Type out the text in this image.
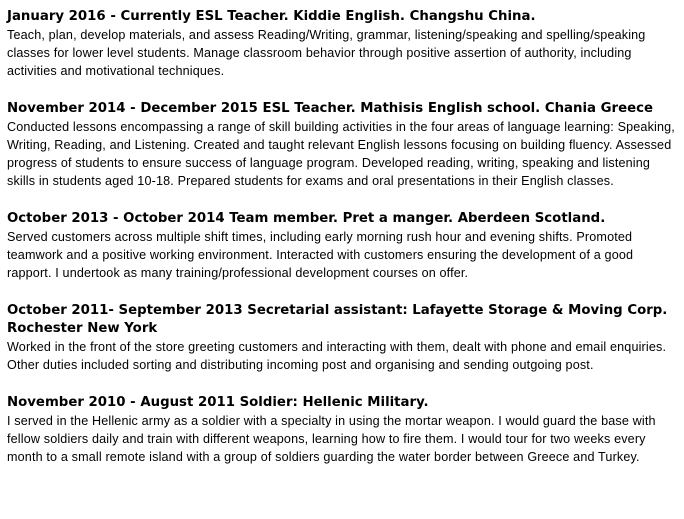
January 2016 - Currently ESL Teacher. Kiddie English. Changshu China.

Teach, plan, develop materials, and assess Reading/Writing, grammar, listening/speaking and spelling/speaking classes for lower level students. Manage classroom behavior through positive assertion of authority, including activities and motivational techniques.

November 2014 - December 2015 ESL Teacher. Mathisis English school. Chania Greece

Conducted lessons encompassing a range of skill building activities in the four areas of language learning: Speaking, Writing, Reading, and Listening. Created and taught relevant English lessons focusing on building fluency. Assessed progress of students to ensure success of language program. Developed reading, writing, speaking and listening skills in students aged 10-18. Prepared students for exams and oral presentations in their English classes.

October 2013 - October 2014 Team member. Pret a manger. Aberdeen Scotland.

Served customers across multiple shift times, including early morning rush hour and evening shifts. Promoted teamwork and a positive working environment. Interacted with customers ensuring the development of a good rapport. I undertook as many training/professional development courses on offer.

October 2011- September 2013 Secretarial assistant: Lafayette Storage & Moving Corp. Rochester New York

Worked in the front of the store greeting customers and interacting with them, dealt with phone and email enquiries. Other duties included sorting and distributing incoming post and organising and sending outgoing post.

November 2010 - August 2011 Soldier: Hellenic Military.

I served in the Hellenic army as a soldier with a specialty in using the mortar weapon. I would guard the base with fellow soldiers daily and train with different weapons, learning how to fire them. I would tour for two weeks every month to a small remote island with a group of soldiers guarding the water border between Greece and Turkey.
